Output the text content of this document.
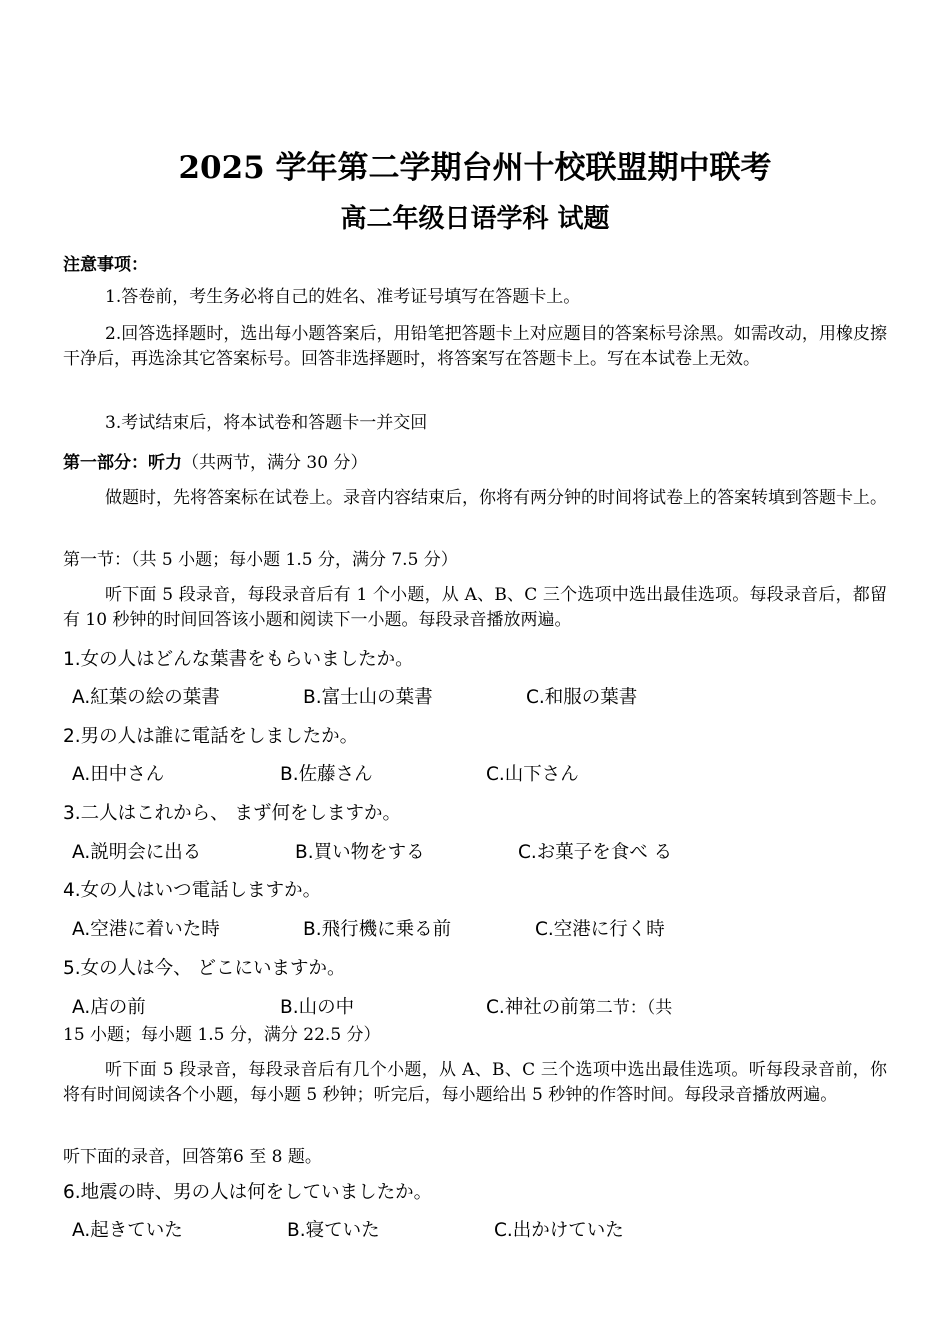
2025 学年第二学期台州十校联盟期中联考
高二年级日语学科 试题
注意事项：
1.答卷前，考生务必将自己的姓名、准考证号填写在答题卡上。
2.回答选择题时，选出每小题答案后，用铅笔把答题卡上对应题目的答案标号涂黑。如需改动，用橡皮擦干净后，再选涂其它答案标号。回答非选择题时，将答案写在答题卡上。写在本试卷上无效。
3.考试结束后，将本试卷和答题卡一并交回
第一部分：听力（共两节，满分 30 分）
做题时，先将答案标在试卷上。录音内容结束后，你将有两分钟的时间将试卷上的答案转填到答题卡上。
第一节：（共 5 小题；每小题 1.5 分，满分 7.5 分）
听下面 5 段录音，每段录音后有 1 个小题，从 A、B、C 三个选项中选出最佳选项。每段录音后，都留有 10 秒钟的时间回答该小题和阅读下一小题。每段录音播放两遍。
1.女の人はどんな葉書をもらいましたか。
A.紅葉の絵の葉書	B.富士山の葉書	C.和服の葉書
2.男の人は誰に電話をしましたか。
A.田中さん	B.佐藤さん	C.山下さん
3.二人はこれから、 まず何をしますか。
A.説明会に出る	B.買い物をする	C.お菓子を食べ る
4.女の人はいつ電話しますか。
A.空港に着いた時	B.飛行機に乗る前	C.空港に行く時
5.女の人は今、 どこにいますか。
A.店の前	B.山の中	C.神社の前第二节：（共
15 小题；每小题 1.5 分，满分 22.5 分）
听下面 5 段录音，每段录音后有几个小题，从 A、B、C 三个选项中选出最佳选项。听每段录音前，你将有时间阅读各个小题，每小题 5 秒钟；听完后，每小题给出 5 秒钟的作答时间。每段录音播放两遍。
听下面的录音，回答第6 至 8 题。
6.地震の時、男の人は何をしていましたか。
A.起きていた	B.寝ていた	C.出かけていた
